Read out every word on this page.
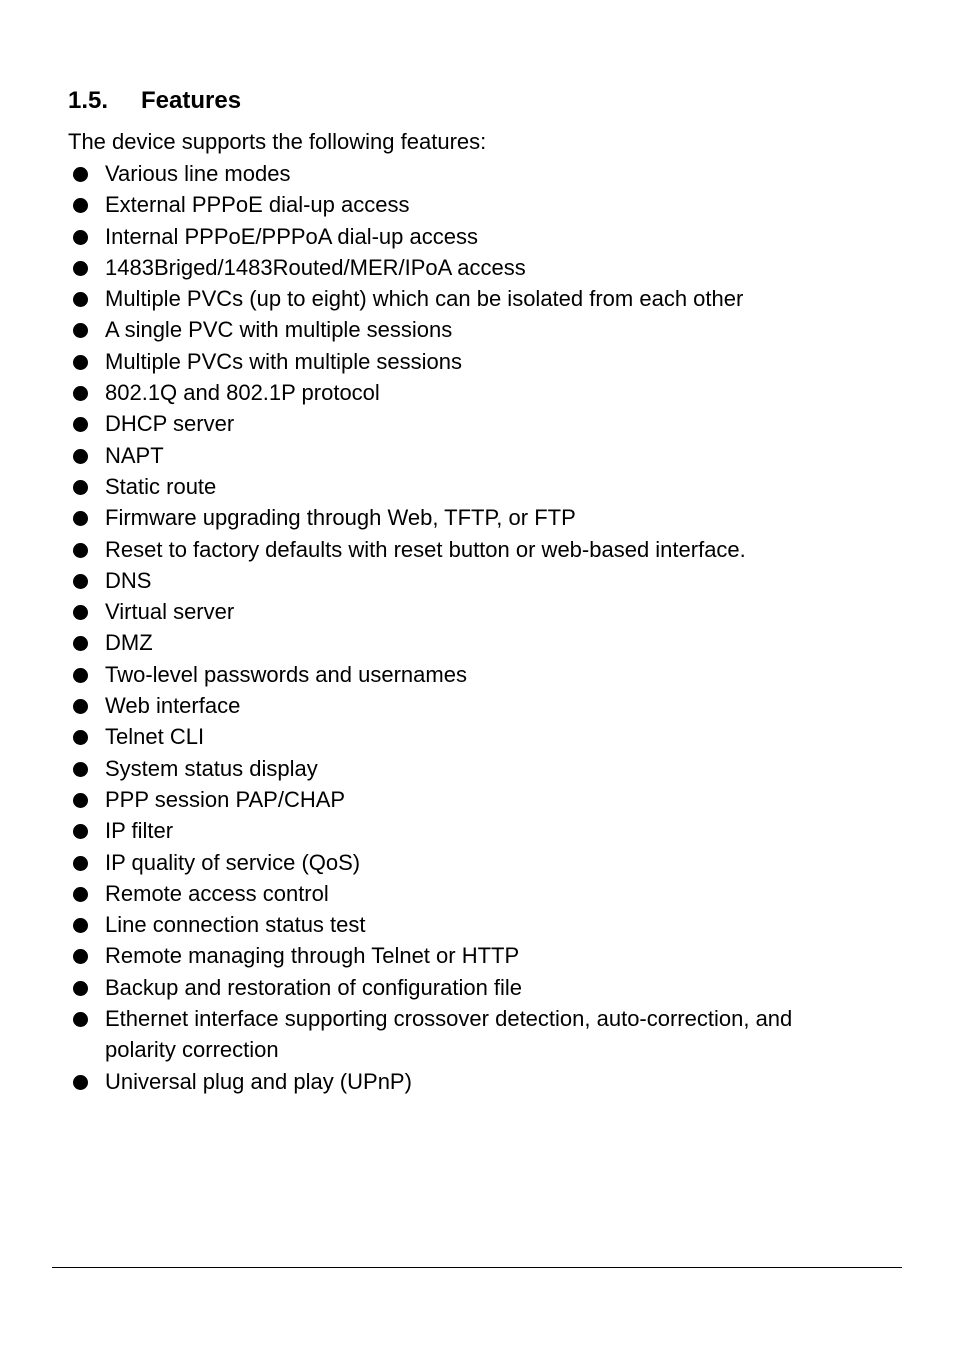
1.5. Features

The device supports the following features:

Various line modes
External PPPoE dial-up access
Internal PPPoE/PPPoA dial-up access
1483Briged/1483Routed/MER/IPoA access
Multiple PVCs (up to eight) which can be isolated from each other
A single PVC with multiple sessions
Multiple PVCs with multiple sessions
802.1Q and 802.1P protocol
DHCP server
NAPT
Static route
Firmware upgrading through Web, TFTP, or FTP
Reset to factory defaults with reset button or web-based interface.
DNS
Virtual server
DMZ
Two-level passwords and usernames
Web interface
Telnet CLI
System status display
PPP session PAP/CHAP
IP filter
IP quality of service (QoS)
Remote access control
Line connection status test
Remote managing through Telnet or HTTP
Backup and restoration of configuration file
Ethernet interface supporting crossover detection, auto-correction, and polarity correction
Universal plug and play (UPnP)
